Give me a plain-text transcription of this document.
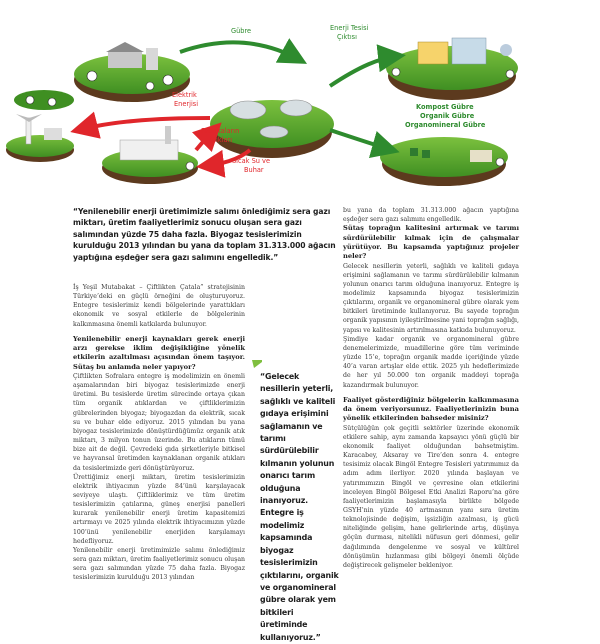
Gübre	Enerji Tesisi
Çıktısı
Elektrik
Enerjisi
Fabrikaların
Atıkları
Sıcak Su ve
Buhar
Kompost Gübre
Organik Gübre
Organomineral Gübre
“Yenilenebilir enerji üretimimizle salımı önlediğimiz sera gazı miktarı, üretim faaliyetlerimiz sonucu oluşan sera gazı salımından yüzde 75 daha fazla. Biyogaz tesislerimizin kurulduğu 2013 yılından bu yana da toplam 31.313.000 ağacın yaptığına eşdeğer sera gazı salımını engelledik.”

İş Yeşil Mutabakat – Çiftlikten Çatala” stratejisinin Türkiye’deki en güçlü örneğini de oluşturuyoruz. Entegre tesislerimiz kendi bölgelerinde yarattıkları ekonomik ve sosyal etkilerle de bölgelerinin kalkınmasına önemli katkılarda bulunuyor.

Yenilenebilir enerji kaynakları gerek enerji arzı gerekse iklim değişikliğine yönelik etkilerin azaltılması açısından önem taşıyor. Sütaş bu anlamda neler yapıyor?

Çiftlikten Sofralara entegre iş modelimizin en önemli aşamalarından biri biyogaz tesislerimizde enerji üretimi. Bu tesislerde üretim sürecinde ortaya çıkan tüm organik atıklardan ve çiftliklerimizin gübrelerinden biyogaz; biyogazdan da elektrik, sıcak su ve buhar elde ediyoruz. 2015 yılından bu yana biyogaz tesislerimizde dönüştürdüğümüz organik atık miktarı, 3 milyon tonun üzerinde. Bu atıkların tümü bize ait de değil. Çevredeki gıda şirketleriyle bitkisel ve hayvansal üretimden kaynaklanan organik atıkları da tesislerimizde geri dönüştürüyoruz.

Ürettiğimiz enerji miktarı, üretim tesislerimizin elektrik ihtiyacının yüzde 84’ünü karşılayacak seviyeye ulaştı. Çiftliklerimiz ve tüm üretim tesislerimizin çatılarına, güneş enerjisi panelleri kurarak yenilenebilir enerji üretim kapasitemizi artırmayı ve 2025 yılında elektrik ihtiyacımızın yüzde 100’ünü yenilenebilir enerjiden karşılamayı hedefliyoruz.

Yenilenebilir enerji üretimimizle salımı önlediğimiz sera gazı miktarı, üretim faaliyetlerimiz sonucu oluşan sera gazı salımından yüzde 75 daha fazla. Biyogaz tesislerimizin kurulduğu 2013 yılından

“Gelecek nesillerin yeterli, sağlıklı ve kaliteli gıdaya erişimini sağlamanın ve tarımı sürdürülebilir kılmanın yolunun onarıcı tarım olduğuna inanıyoruz. Entegre iş modelimiz kapsamında biyogaz tesislerimizin çıktılarını, organik ve organomineral gübre olarak yem bitkileri üretiminde kullanıyoruz.”

bu yana da toplam 31.313.000 ağacın yaptığına eşdeğer sera gazı salımını engelledik.

Sütaş toprağın kalitesini artırmak ve tarımı sürdürülebilir kılmak için de çalışmalar yürütüyor. Bu kapsamda yaptığınız projeler neler?

Gelecek nesillerin yeterli, sağlıklı ve kaliteli gıdaya erişimini sağlamanın ve tarımı sürdürülebilir kılmanın yolunun onarıcı tarım olduğuna inanıyoruz. Entegre iş modelimiz kapsamında biyogaz tesislerimizin çıktılarını, organik ve organomineral gübre olarak yem bitkileri üretiminde kullanıyoruz. Bu sayede toprağın organik yapısının iyileştirilmesine yani toprağın sağlığı, yapısı ve kalitesinin artırılmasına katkıda bulunuyoruz.

Şimdiye kadar organik ve organomineral gübre denemelerimizde, muadillerine göre tüm veriminde yüzde 15’e, toprağın organik madde içeriğinde yüzde 40’a varan artışlar elde ettik. 2025 yılı hedeflerimizde de her yıl 50.000 ton organik maddeyi toprağa kazandırmak bulunuyor.

Faaliyet gösterdiğiniz bölgelerin kalkınmasına da önem veriyorsunuz. Faaliyetlerinizin buna yönelik etkilerinden bahseder misiniz?

Sütçülüğün çok geçitli sektörler üzerinde ekonomik etkilere sahip, aynı zamanda kapsayıcı yönü güçlü bir ekonomik faaliyet olduğundan bahsetmiştim. Karacabey, Aksaray ve Tire’den sonra 4. entegre tesisimiz olacak Bingöl Entegre Tesisleri yatırımımız da adım adım ilerliyor. 2020 yılında başlayan ve yatırımımızın Bingöl ve çevresine olan etkilerini inceleyen Bingöl Bölgesel Etki Analizi Raporu’na göre faaliyetlerimizin başlamasıyla birlikte bölgede GSYH’nin yüzde 40 artmasının yanı sıra üretim teknolojisinde değişim, işsizliğin azalması, iş gücü niteliğinde gelişim, hane gelirlerinde artış, düşünya göçün durması, nitelikli nüfusun geri dönmesi, gelir dağılımında dengelenme ve sosyal ve kültürel dönüşümün hızlanması gibi bölgeyi önemli ölçüde değiştirecek gelişmeler bekleniyor.
